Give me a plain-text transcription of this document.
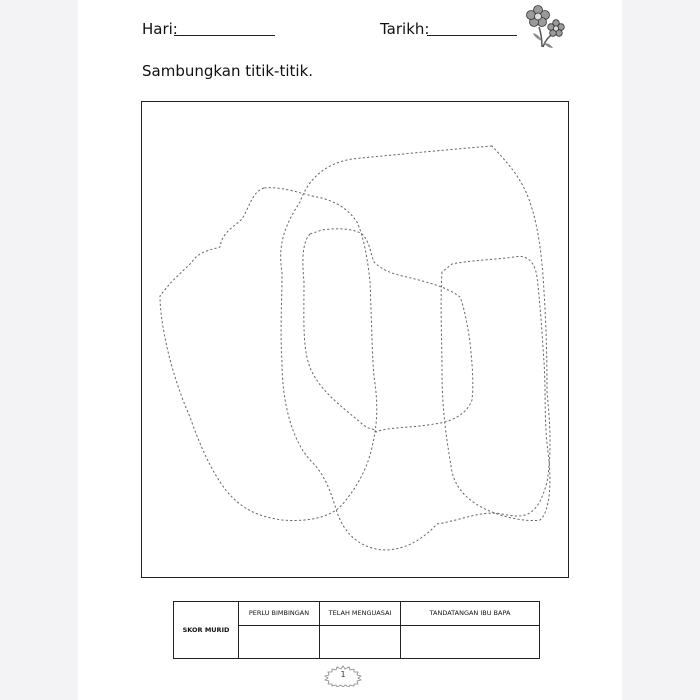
Hari:	Tarikh:
Sambungkan titik-titik.
SKOR MURID	PERLU BIMBINGAN	TELAH MENGUASAI	TANDATANGAN IBU BAPA

1
